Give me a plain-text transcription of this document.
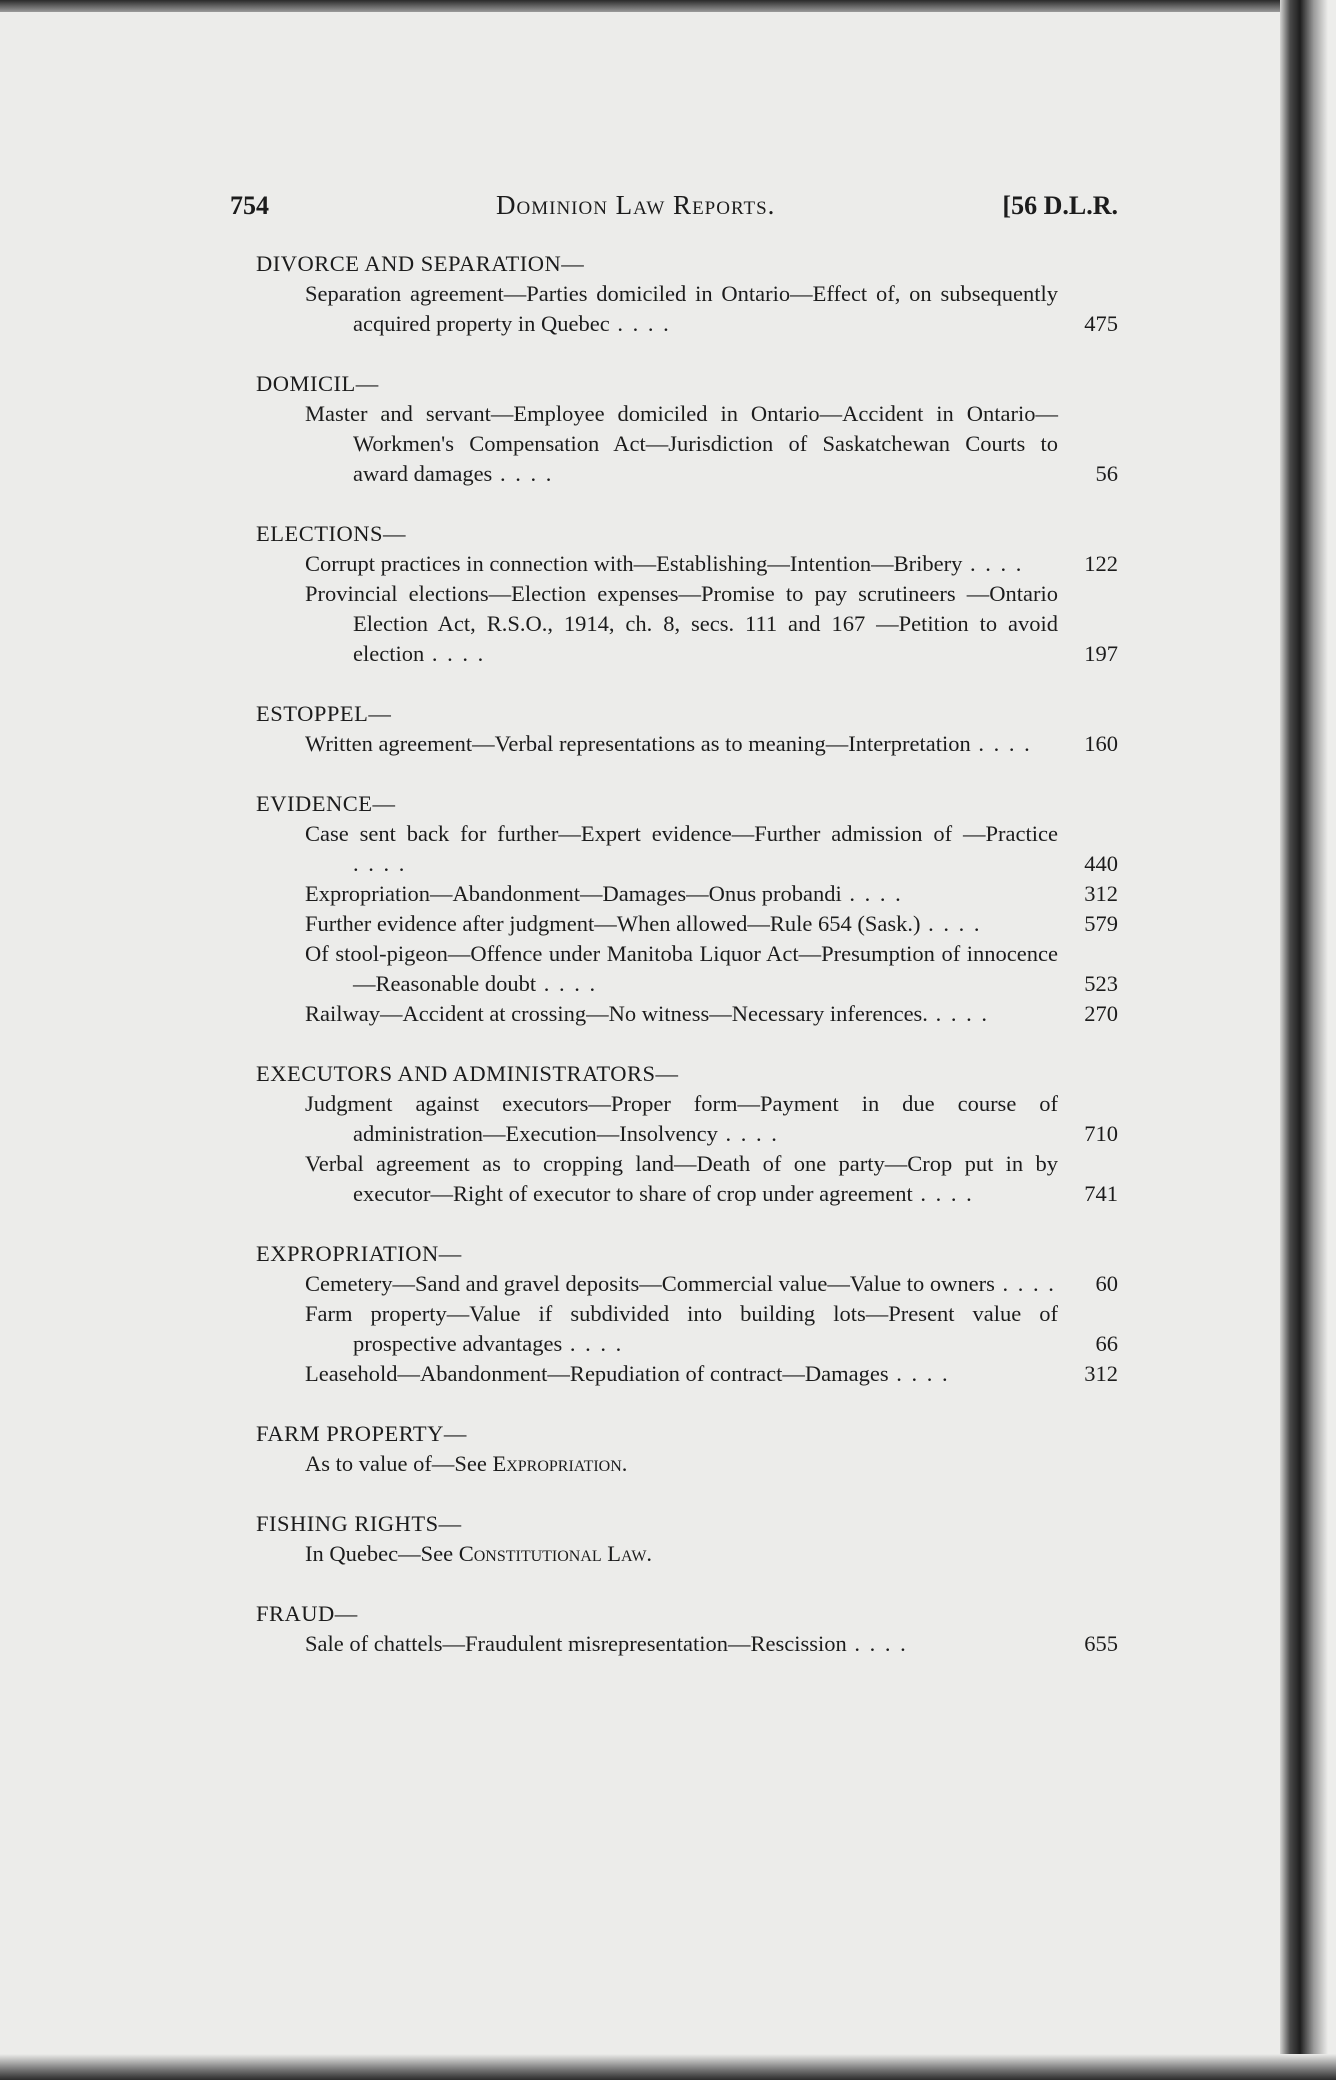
754	Dominion Law Reports.	[56 D.L.R.
DIVORCE AND SEPARATION—
Separation agreement—Parties domiciled in Ontario—Effect of, on subsequently acquired property in Quebec . . . .	475
DOMICIL—
Master and servant—Employee domiciled in Ontario—Accident in Ontario—Workmen's Compensation Act—Jurisdiction of Saskatchewan Courts to award damages . . . .	56
ELECTIONS—
Corrupt practices in connection with—Establishing—Intention—Bribery . . . .	122
Provincial elections—Election expenses—Promise to pay scrutineers —Ontario Election Act, R.S.O., 1914, ch. 8, secs. 111 and 167 —Petition to avoid election . . . .	197
ESTOPPEL—
Written agreement—Verbal representations as to meaning—Interpretation . . . .	160
EVIDENCE—
Case sent back for further—Expert evidence—Further admission of —Practice . . . .	440
Expropriation—Abandonment—Damages—Onus probandi . . . .	312
Further evidence after judgment—When allowed—Rule 654 (Sask.) . . . .	579
Of stool-pigeon—Offence under Manitoba Liquor Act—Presumption of innocence—Reasonable doubt . . . .	523
Railway—Accident at crossing—No witness—Necessary inferences. . . . .	270
EXECUTORS AND ADMINISTRATORS—
Judgment against executors—Proper form—Payment in due course of administration—Execution—Insolvency . . . .	710
Verbal agreement as to cropping land—Death of one party—Crop put in by executor—Right of executor to share of crop under agreement . . . .	741
EXPROPRIATION—
Cemetery—Sand and gravel deposits—Commercial value—Value to owners . . . .	60
Farm property—Value if subdivided into building lots—Present value of prospective advantages . . . .	66
Leasehold—Abandonment—Repudiation of contract—Damages . . . .	312
FARM PROPERTY—
As to value of—See Expropriation.
FISHING RIGHTS—
In Quebec—See Constitutional Law.
FRAUD—
Sale of chattels—Fraudulent misrepresentation—Rescission . . . .	655
